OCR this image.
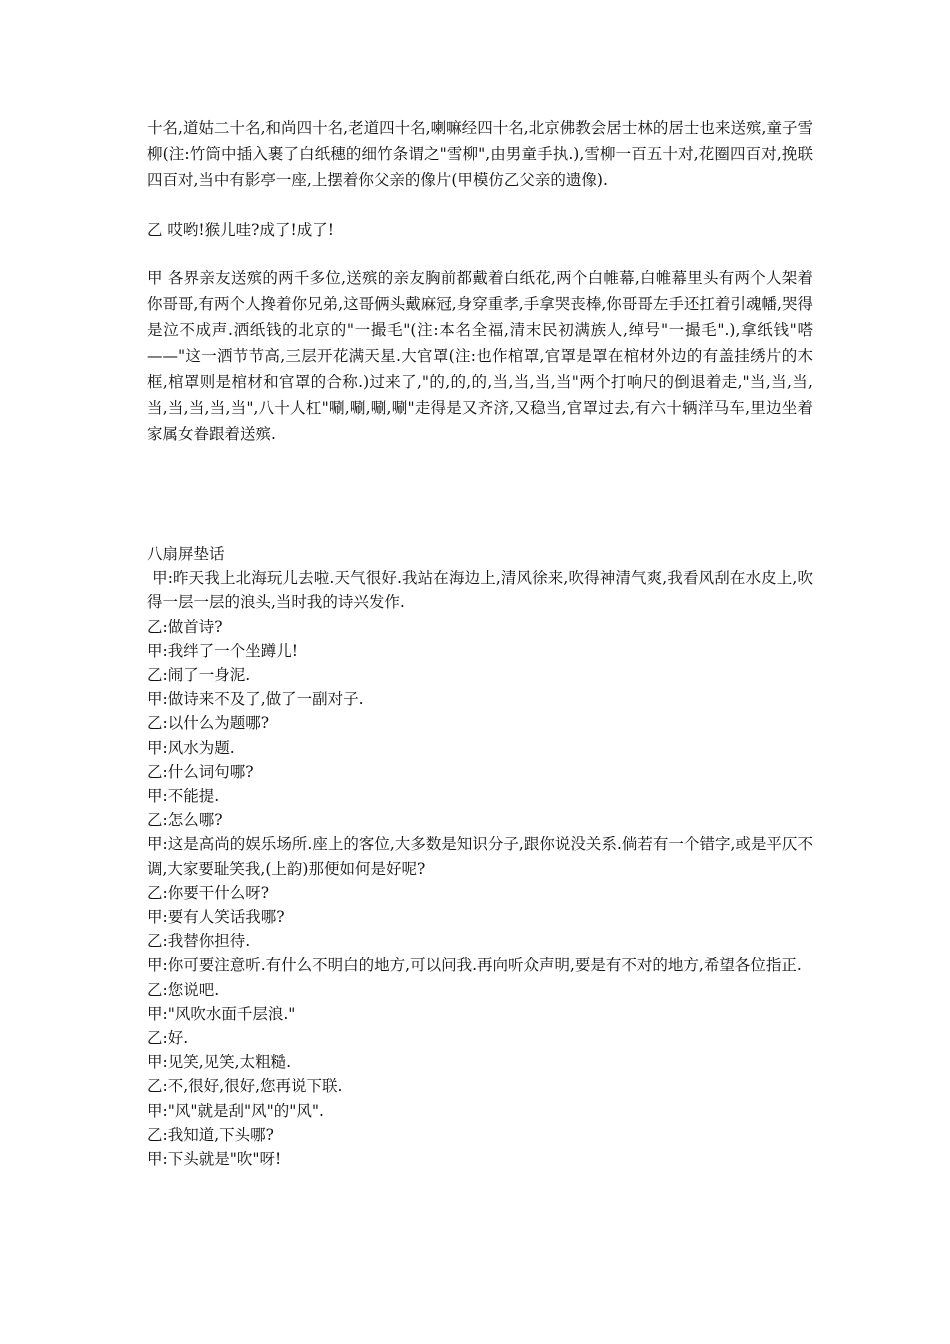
十名,道姑二十名,和尚四十名,老道四十名,喇嘛经四十名,北京佛教会居士林的居士也来送殡,童子雪柳(注:竹筒中插入裹了白纸穗的细竹条谓之"雪柳",由男童手执.),雪柳一百五十对,花圈四百对,挽联四百对,当中有影亭一座,上摆着你父亲的像片(甲模仿乙父亲的遗像).

乙 哎哟!猴儿哇?成了!成了!

甲 各界亲友送殡的两千多位,送殡的亲友胸前都戴着白纸花,两个白帷幕,白帷幕里头有两个人架着你哥哥,有两个人搀着你兄弟,这哥俩头戴麻冠,身穿重孝,手拿哭丧棒,你哥哥左手还扛着引魂幡,哭得是泣不成声.洒纸钱的北京的"一撮毛"(注:本名全福,清末民初满族人,绰号"一撮毛".),拿纸钱"嗒——"这一洒节节高,三层开花满天星.大官罩(注:也作棺罩,官罩是罩在棺材外边的有盖挂绣片的木框,棺罩则是棺材和官罩的合称.)过来了,"的,的,的,当,当,当,当"两个打响尺的倒退着走,"当,当,当,当,当,当,当,当",八十人杠"唰,唰,唰,唰"走得是又齐济,又稳当,官罩过去,有六十辆洋马车,里边坐着家属女眷跟着送殡.

八扇屏垫话
甲:昨天我上北海玩儿去啦.天气很好.我站在海边上,清风徐来,吹得神清气爽,我看风刮在水皮上,吹得一层一层的浪头,当时我的诗兴发作.
乙:做首诗?
甲:我绊了一个坐蹲儿!
乙:闹了一身泥.
甲:做诗来不及了,做了一副对子.
乙:以什么为题哪?
甲:风水为题.
乙:什么词句哪?
甲:不能提.
乙:怎么哪?
甲:这是高尚的娱乐场所.座上的客位,大多数是知识分子,跟你说没关系.倘若有一个错字,或是平仄不调,大家要耻笑我,(上韵)那便如何是好呢?
乙:你要干什么呀?
甲:要有人笑话我哪?
乙:我替你担待.
甲:你可要注意听.有什么不明白的地方,可以问我.再向听众声明,要是有不对的地方,希望各位指正.
乙:您说吧.
甲:"风吹水面千层浪."
乙:好.
甲:见笑,见笑,太粗糙.
乙:不,很好,很好,您再说下联.
甲:"风"就是刮"风"的"风".
乙:我知道,下头哪?
甲:下头就是"吹"呀!
